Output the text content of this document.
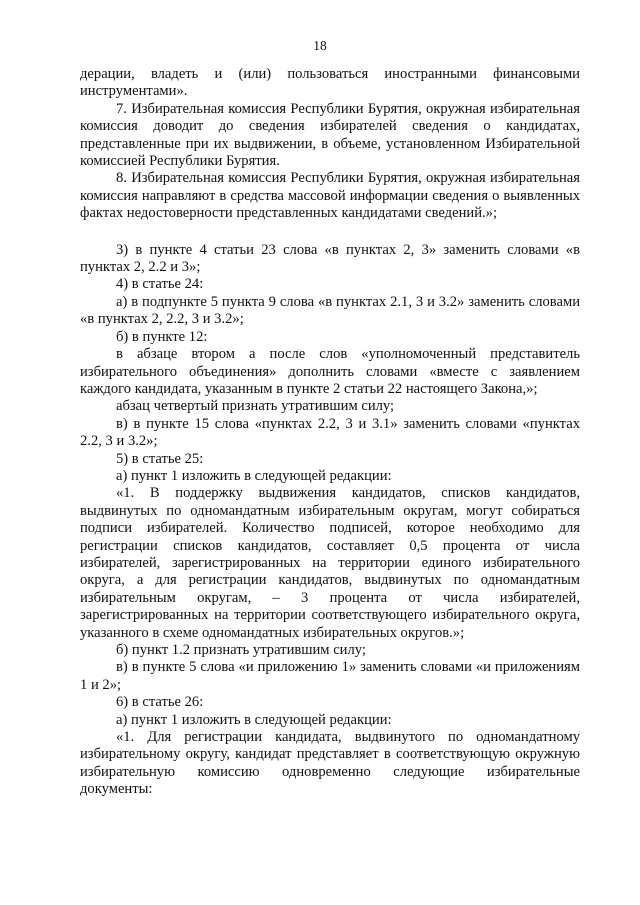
18

дерации, владеть и (или) пользоваться иностранными финансовыми инструментами».

7. Избирательная комиссия Республики Бурятия, окружная избирательная комиссия доводит до сведения избирателей сведения о кандидатах, представленные при их выдвижении, в объеме, установленном Избирательной комиссией Республики Бурятия.

8. Избирательная комиссия Республики Бурятия, окружная избирательная комиссия направляют в средства массовой информации сведения о выявленных фактах недостоверности представленных кандидатами сведений.»;

3) в пункте 4 статьи 23 слова «в пунктах 2, 3» заменить словами «в пунктах 2, 2.2 и 3»;

4) в статье 24:

а) в подпункте 5 пункта 9 слова «в пунктах 2.1, 3 и 3.2» заменить словами «в пунктах 2, 2.2, 3 и 3.2»;

б) в пункте 12:

в абзаце втором а после слов «уполномоченный представитель избирательного объединения» дополнить словами «вместе с заявлением каждого кандидата, указанным в пункте 2 статьи 22 настоящего Закона,»;

абзац четвертый признать утратившим силу;

в) в пункте 15 слова «пунктах 2.2, 3 и 3.1» заменить словами «пунктах 2.2, 3 и 3.2»;

5) в статье 25:

а) пункт 1 изложить в следующей редакции:

«1. В поддержку выдвижения кандидатов, списков кандидатов, выдвинутых по одномандатным избирательным округам, могут собираться подписи избирателей. Количество подписей, которое необходимо для регистрации списков кандидатов, составляет 0,5 процента от числа избирателей, зарегистрированных на территории единого избирательного округа, а для регистрации кандидатов, выдвинутых по одномандатным избирательным округам, – 3 процента от числа избирателей, зарегистрированных на территории соответствующего избирательного округа, указанного в схеме одномандатных избирательных округов.»;

б) пункт 1.2 признать утратившим силу;

в) в пункте 5 слова «и приложению 1» заменить словами «и приложениям 1 и 2»;

6) в статье 26:

а) пункт 1 изложить в следующей редакции:

«1. Для регистрации кандидата, выдвинутого по одномандатному избирательному округу, кандидат представляет в соответствующую окружную избирательную комиссию одновременно следующие избирательные документы:
